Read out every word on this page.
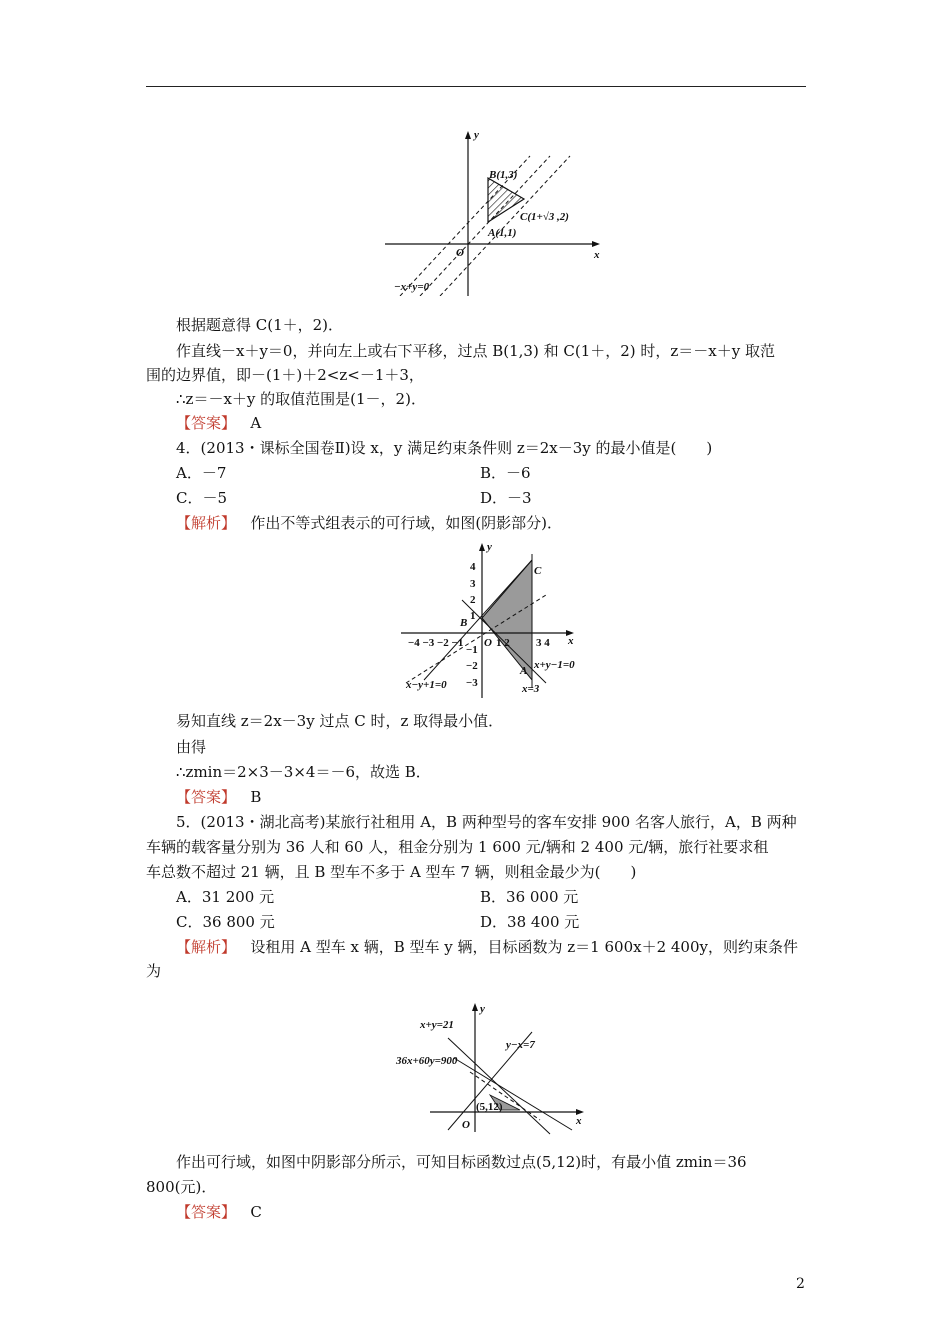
y
x
O
B(1,3)
C(1+√3 ,2)
A(1,1)
−x+y=0
根据题意得 C(1＋，2)．
作直线－x＋y＝0，并向左上或右下平移，过点 B(1,3) 和 C(1＋，2) 时，z＝－x＋y 取范
围的边界值，即－(1＋)＋2<z<－1＋3，
∴z＝－x＋y 的取值范围是(1－，2)．
【答案】 A
4．(2013・课标全国卷Ⅱ)设 x，y 满足约束条件则 z＝2x－3y 的最小值是(　　)
A．－7	B．－6
C．－5	D．－3
【解析】 作出不等式组表示的可行域，如图(阴影部分)．
y
x
O
4
3
2
1
−1
−2
−3
−4 −3 −2 −1	1 2 3 4
B
C
A x+y−1=0
x=3
x−y+1=0
易知直线 z＝2x－3y 过点 C 时，z 取得最小值．
由得
∴zmin＝2×3－3×4＝－6，故选 B．
【答案】 B
5．(2013・湖北高考)某旅行社租用 A，B 两种型号的客车安排 900 名客人旅行，A，B 两种
车辆的载客量分别为 36 人和 60 人，租金分别为 1 600 元/辆和 2 400 元/辆，旅行社要求租
车总数不超过 21 辆，且 B 型车不多于 A 型车 7 辆，则租金最少为(　　)
A．31 200 元	B．36 000 元
C．36 800 元	D．38 400 元
【解析】 设租用 A 型车 x 辆，B 型车 y 辆，目标函数为 z＝1 600x＋2 400y，则约束条件
为
y
x
O
x+y=21
y−x=7
36x+60y=900
(5,12)
作出可行域，如图中阴影部分所示，可知目标函数过点(5,12)时，有最小值 zmin＝36
800(元)．
【答案】 C
2
